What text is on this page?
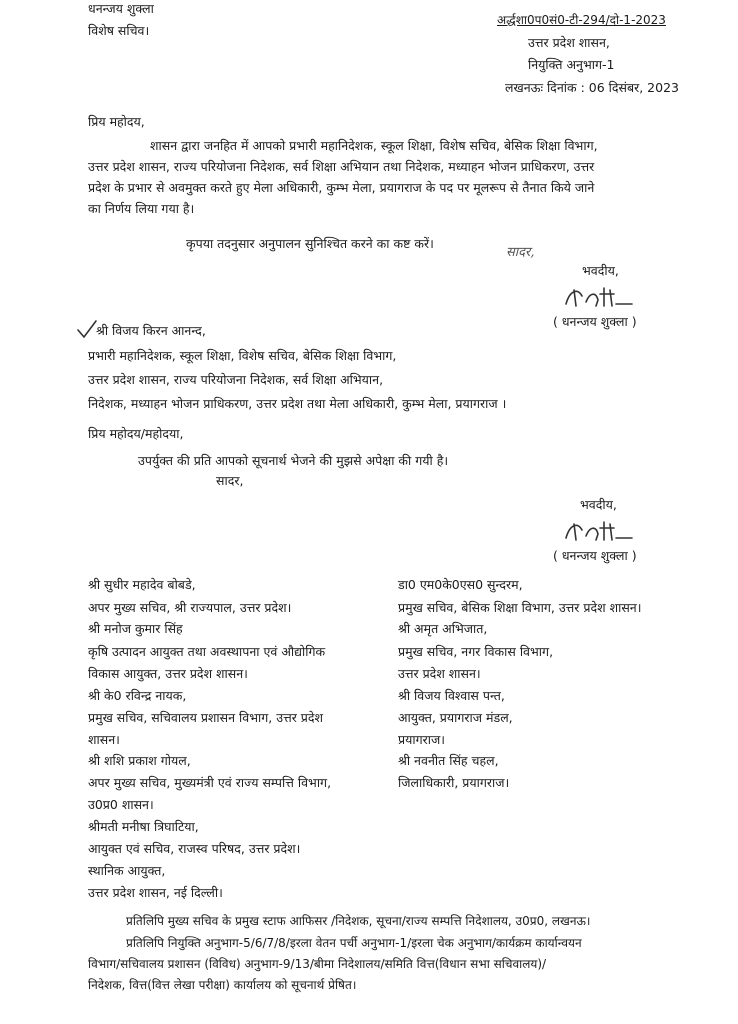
धनन्जय शुक्ला
विशेष सचिव।
अर्द्धशा0प0सं0-टी-294/दो-1-2023
उत्तर प्रदेश शासन,
नियुक्ति अनुभाग-1
लखनऊः दिनांक : 06 दिसंबर, 2023
प्रिय महोदय,
शासन द्वारा जनहित में आपको प्रभारी महानिदेशक, स्कूल शिक्षा, विशेष सचिव, बेसिक शिक्षा विभाग,
उत्तर प्रदेश शासन, राज्य परियोजना निदेशक, सर्व शिक्षा अभियान तथा निदेशक, मध्याहन भोजन प्राधिकरण, उत्तर
प्रदेश के प्रभार से अवमुक्त करते हुए मेला अधिकारी, कुम्भ मेला, प्रयागराज के पद पर मूलरूप से तैनात किये जाने
का निर्णय लिया गया है।
कृपया तदनुसार अनुपालन सुनिश्चित करने का कष्ट करें।
सादर,
भवदीय,
( धनन्जय शुक्ला )
श्री विजय किरन आनन्द,
प्रभारी महानिदेशक, स्कूल शिक्षा, विशेष सचिव, बेसिक शिक्षा विभाग,
उत्तर प्रदेश शासन, राज्य परियोजना निदेशक, सर्व शिक्षा अभियान,
निदेशक, मध्याहन भोजन प्राधिकरण, उत्तर प्रदेश तथा मेला अधिकारी, कुम्भ मेला, प्रयागराज ।
प्रिय महोदय/महोदया,
उपर्युक्त की प्रति आपको सूचनार्थ भेजने की मुझसे अपेक्षा की गयी है।
सादर,
भवदीय,
( धनन्जय शुक्ला )
श्री सुधीर महादेव बोबडे,
अपर मुख्य सचिव, श्री राज्यपाल, उत्तर प्रदेश।
श्री मनोज कुमार सिंह
कृषि उत्पादन आयुक्त तथा अवस्थापना एवं औद्योगिक
विकास आयुक्त, उत्तर प्रदेश शासन।
श्री के0 रविन्द्र नायक,
प्रमुख सचिव, सचिवालय प्रशासन विभाग, उत्तर प्रदेश
शासन।
श्री शशि प्रकाश गोयल,
अपर मुख्य सचिव, मुख्यमंत्री एवं राज्य सम्पत्ति विभाग,
उ0प्र0 शासन।
श्रीमती मनीषा त्रिघाटिया,
आयुक्त एवं सचिव, राजस्व परिषद, उत्तर प्रदेश।
स्थानिक आयुक्त,
उत्तर प्रदेश शासन, नई दिल्ली।
डा0 एम0के0एस0 सुन्दरम,
प्रमुख सचिव, बेसिक शिक्षा विभाग, उत्तर प्रदेश शासन।
श्री अमृत अभिजात,
प्रमुख सचिव, नगर विकास विभाग,
उत्तर प्रदेश शासन।
श्री विजय विश्वास पन्त,
आयुक्त, प्रयागराज मंडल,
प्रयागराज।
श्री नवनीत सिंह चहल,
जिलाधिकारी, प्रयागराज।
प्रतिलिपि मुख्य सचिव के प्रमुख स्टाफ आफिसर /निदेशक, सूचना/राज्य सम्पत्ति निदेशालय, उ0प्र0, लखनऊ।
प्रतिलिपि नियुक्ति अनुभाग-5/6/7/8/इरला वेतन पर्ची अनुभाग-1/इरला चेक अनुभाग/कार्यक्रम कार्यान्वयन
विभाग/सचिवालय प्रशासन (विविध) अनुभाग-9/13/बीमा निदेशालय/समिति वित्त(विधान सभा सचिवालय)/
निदेशक, वित्त(वित्त लेखा परीक्षा) कार्यालय को सूचनार्थ प्रेषित।
